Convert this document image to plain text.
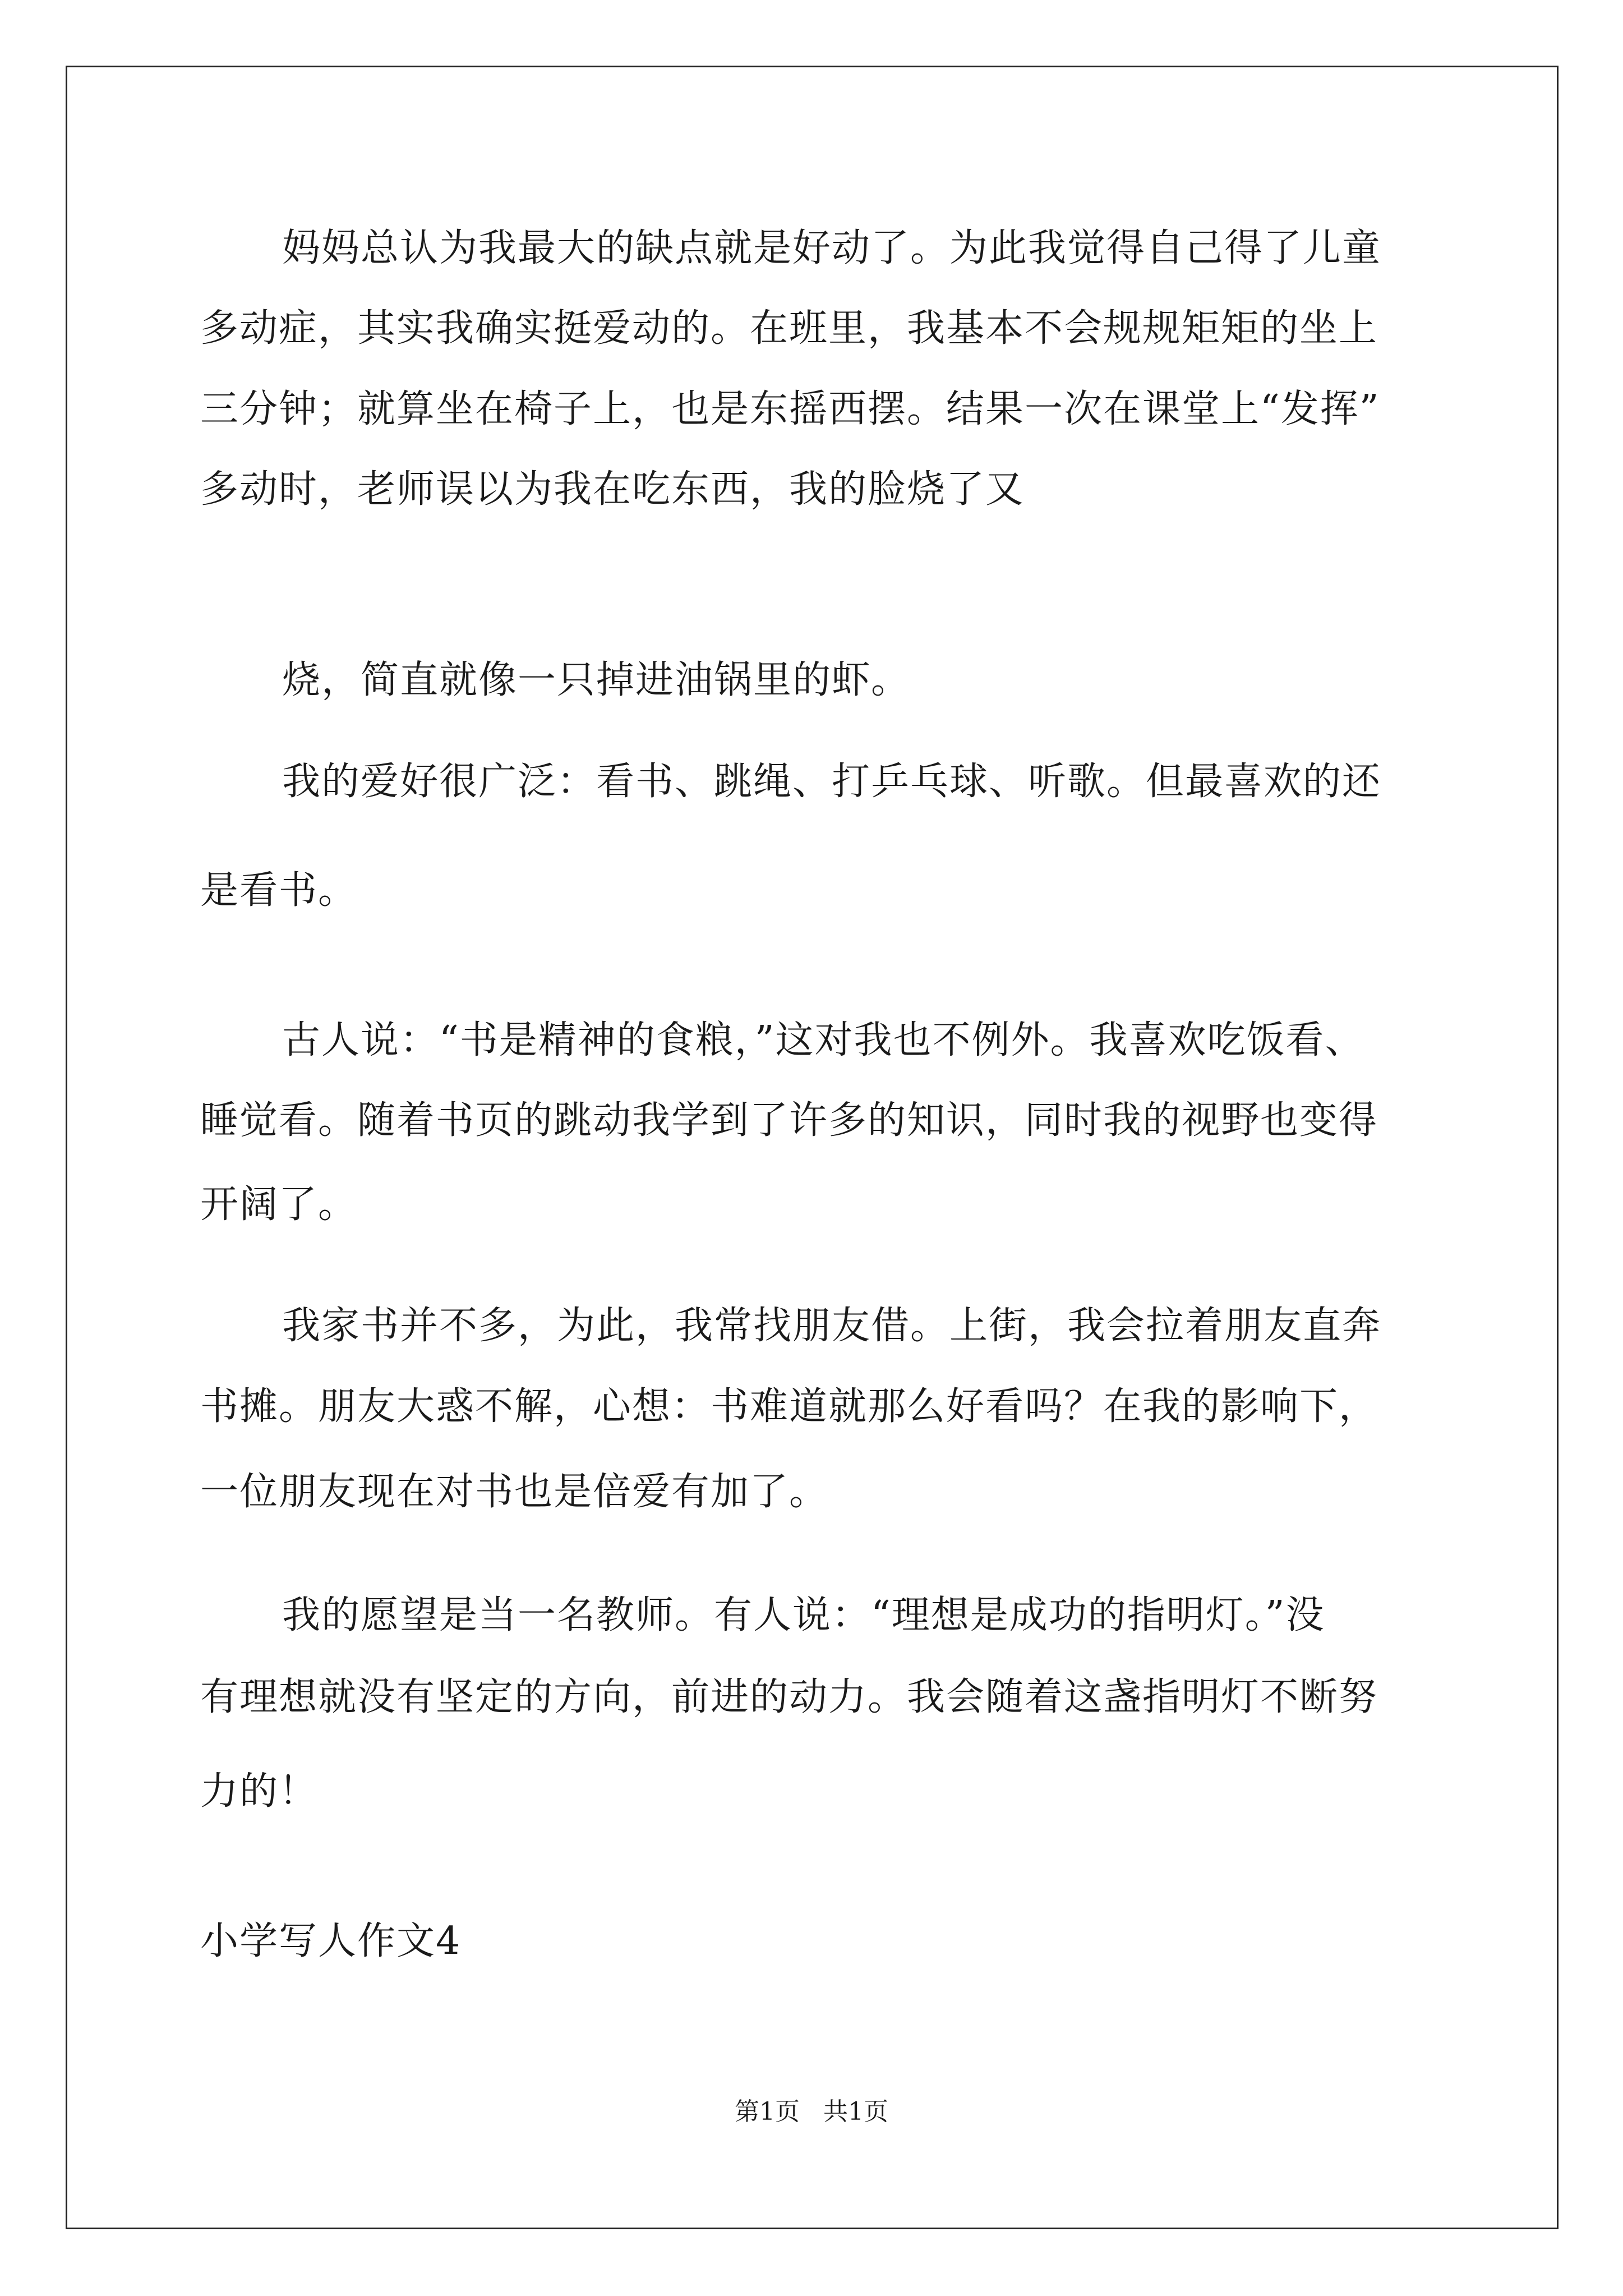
妈妈总认为我最大的缺点就是好动了。为此我觉得自己得了儿童
多动症，其实我确实挺爱动的。在班里，我基本不会规规矩矩的坐上
三分钟；就算坐在椅子上，也是东摇西摆。结果一次在课堂上“发挥”
多动时，老师误以为我在吃东西，我的脸烧了又
烧，简直就像一只掉进油锅里的虾。
我的爱好很广泛：看书、跳绳、打乒乓球、听歌。但最喜欢的还
是看书。
古人说：“书是精神的食粮，”这对我也不例外。我喜欢吃饭看、
睡觉看。随着书页的跳动我学到了许多的知识，同时我的视野也变得
开阔了。
我家书并不多，为此，我常找朋友借。上街，我会拉着朋友直奔
书摊。朋友大惑不解，心想：书难道就那么好看吗？在我的影响下，
一位朋友现在对书也是倍爱有加了。
我的愿望是当一名教师。有人说：“理想是成功的指明灯。”没
有理想就没有坚定的方向，前进的动力。我会随着这盏指明灯不断努
力的！
小学写人作文4
第1页   共1页
